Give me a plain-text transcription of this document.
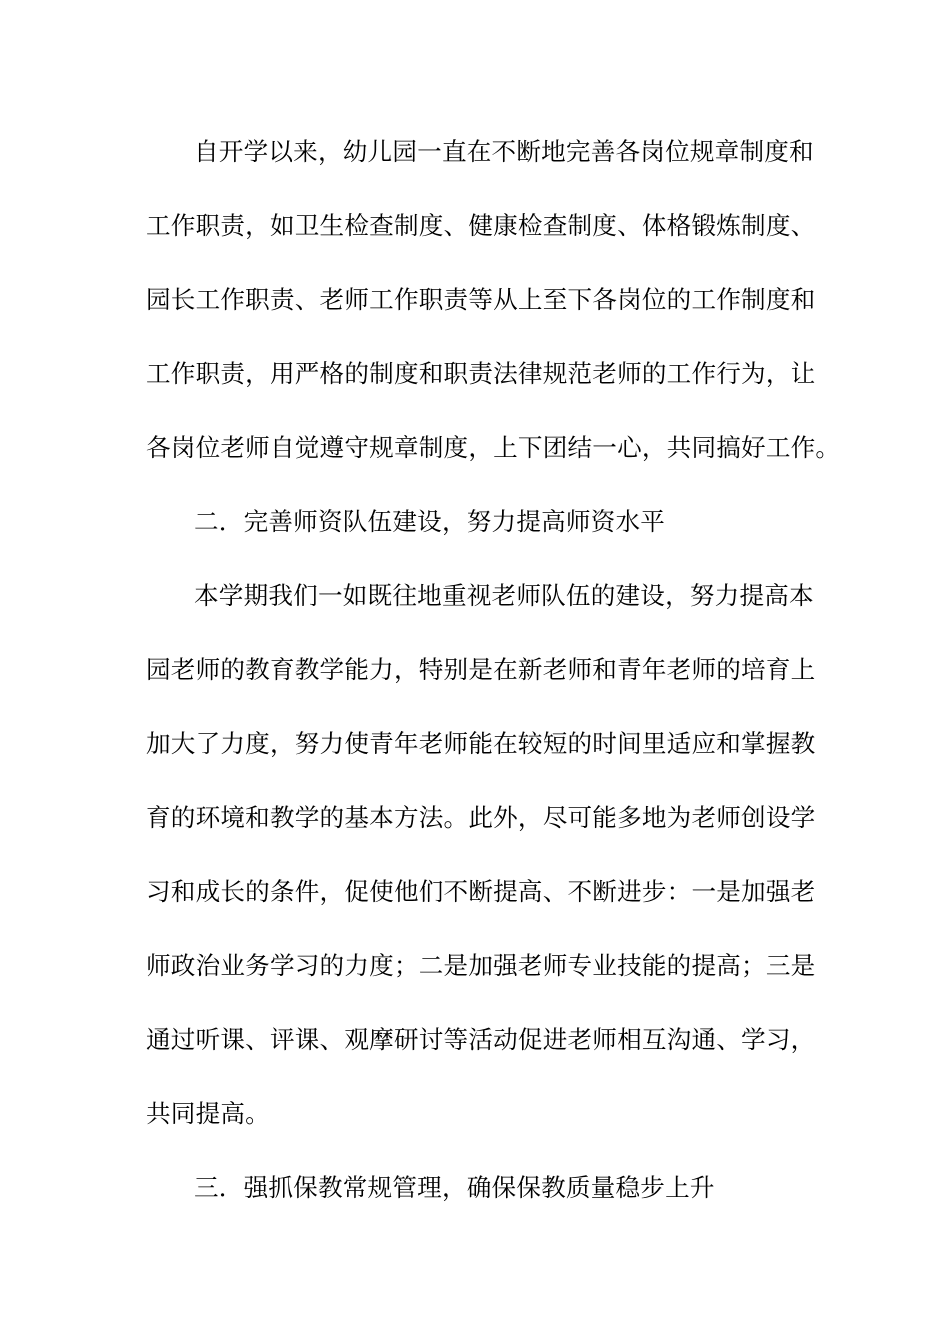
自开学以来，幼儿园一直在不断地完善各岗位规章制度和
工作职责，如卫生检查制度、健康检查制度、体格锻炼制度、
园长工作职责、老师工作职责等从上至下各岗位的工作制度和
工作职责，用严格的制度和职责法律规范老师的工作行为，让
各岗位老师自觉遵守规章制度，上下团结一心，共同搞好工作。
二．完善师资队伍建设，努力提高师资水平
本学期我们一如既往地重视老师队伍的建设，努力提高本
园老师的教育教学能力，特别是在新老师和青年老师的培育上
加大了力度，努力使青年老师能在较短的时间里适应和掌握教
育的环境和教学的基本方法。此外，尽可能多地为老师创设学
习和成长的条件，促使他们不断提高、不断进步：一是加强老
师政治业务学习的力度；二是加强老师专业技能的提高；三是
通过听课、评课、观摩研讨等活动促进老师相互沟通、学习，
共同提高。
三．强抓保教常规管理，确保保教质量稳步上升
